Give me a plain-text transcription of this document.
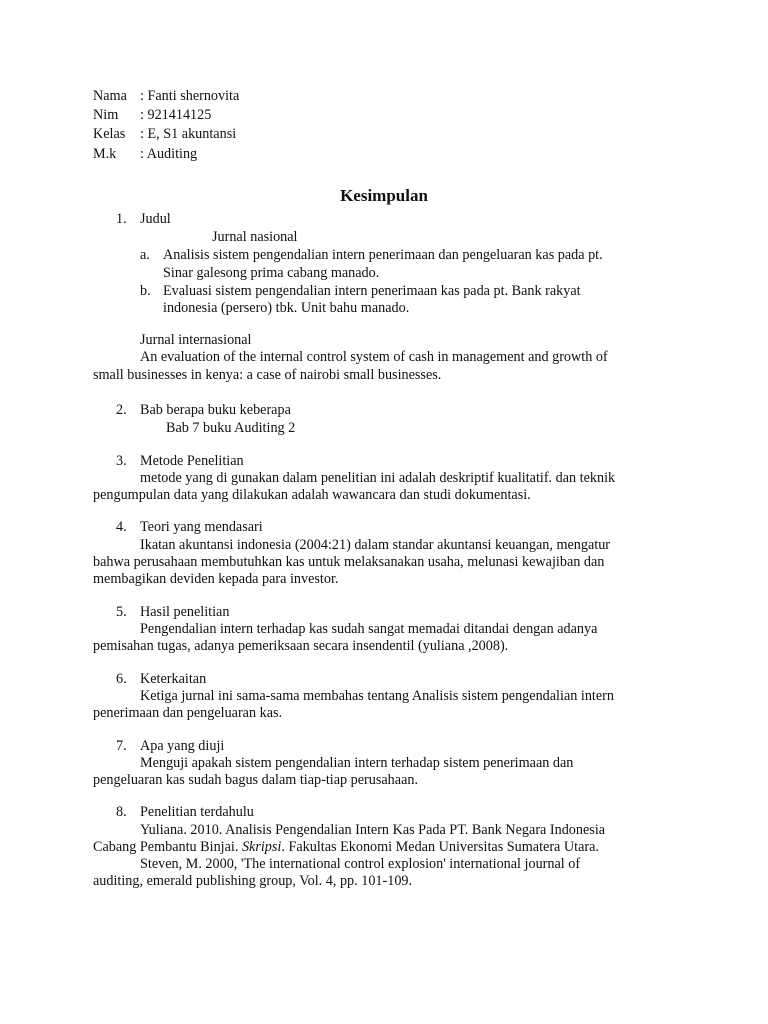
Nama : Fanti shernovita
Nim : 921414125
Kelas : E, S1 akuntansi
M.k : Auditing
Kesimpulan
1. Judul
Jurnal nasional
a. Analisis sistem pengendalian intern penerimaan dan pengeluaran kas pada pt.
Sinar galesong prima cabang manado.
b. Evaluasi sistem pengendalian intern penerimaan kas pada pt. Bank rakyat
indonesia (persero) tbk. Unit bahu manado.
Jurnal internasional
An evaluation of the internal control system of cash in management and growth of
small businesses in kenya: a case of nairobi small businesses.
2. Bab berapa buku keberapa
Bab 7 buku Auditing 2
3. Metode Penelitian
metode yang di gunakan dalam penelitian ini adalah deskriptif kualitatif. dan teknik
pengumpulan data yang dilakukan adalah wawancara dan studi dokumentasi.
4. Teori yang mendasari
Ikatan akuntansi indonesia (2004:21) dalam standar akuntansi keuangan, mengatur
bahwa perusahaan membutuhkan kas untuk melaksanakan usaha, melunasi kewajiban dan
membagikan deviden kepada para investor.
5. Hasil penelitian
Pengendalian intern terhadap kas sudah sangat memadai ditandai dengan adanya
pemisahan tugas, adanya pemeriksaan secara insendentil (yuliana ,2008).
6. Keterkaitan
Ketiga jurnal ini sama-sama membahas tentang Analisis sistem pengendalian intern
penerimaan dan pengeluaran kas.
7. Apa yang diuji
Menguji apakah sistem pengendalian intern terhadap sistem penerimaan dan
pengeluaran kas sudah bagus dalam tiap-tiap perusahaan.
8. Penelitian terdahulu
Yuliana. 2010. Analisis Pengendalian Intern Kas Pada PT. Bank Negara Indonesia
Cabang Pembantu Binjai. Skripsi. Fakultas Ekonomi Medan Universitas Sumatera Utara.
Steven, M. 2000, 'The international control explosion' international journal of
auditing, emerald publishing group, Vol. 4, pp. 101-109.
